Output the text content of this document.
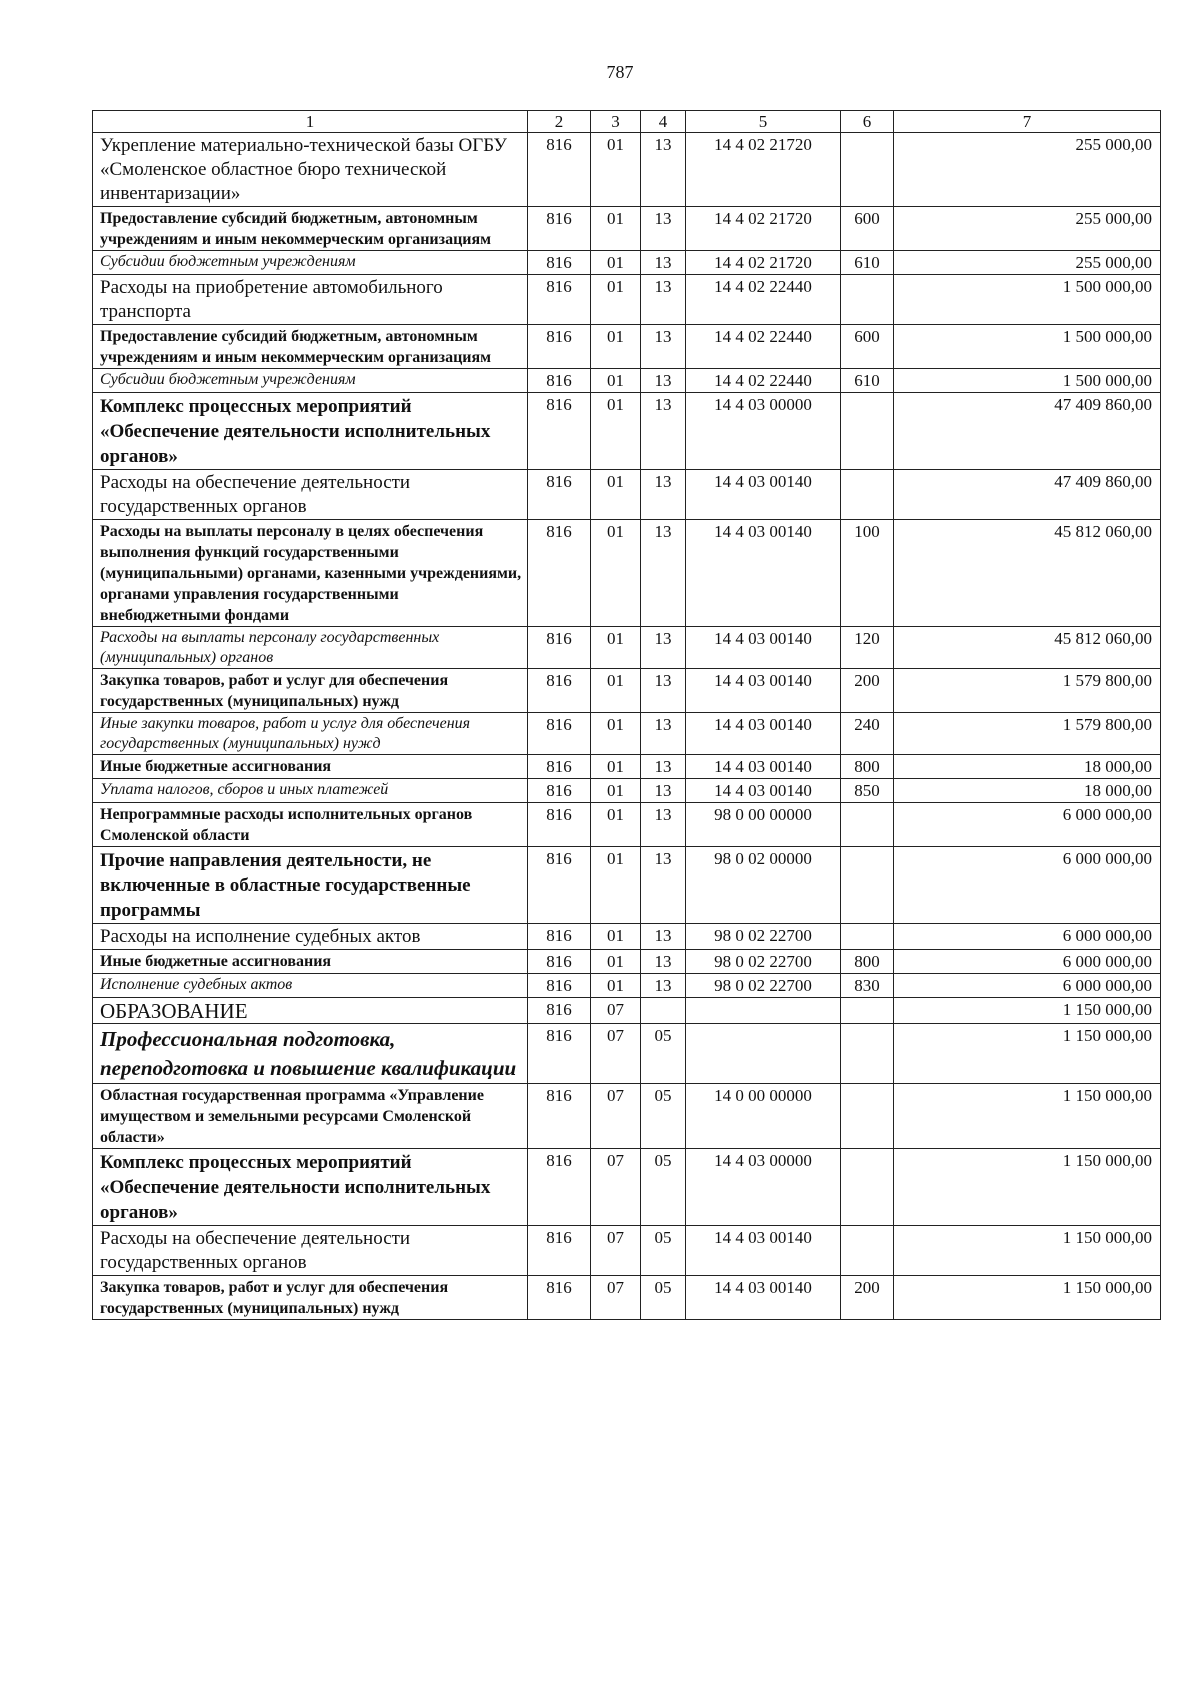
787
1	2	3	4	5	6	7
Укрепление материально-технической базы ОГБУ «Смоленское областное бюро технической инвентаризации»	816	01	13	14 4 02 21720		255 000,00
Предоставление субсидий бюджетным, автономным учреждениям и иным некоммерческим организациям	816	01	13	14 4 02 21720	600	255 000,00
Субсидии бюджетным учреждениям	816	01	13	14 4 02 21720	610	255 000,00
Расходы на приобретение автомобильного транспорта	816	01	13	14 4 02 22440		1 500 000,00
Предоставление субсидий бюджетным, автономным учреждениям и иным некоммерческим организациям	816	01	13	14 4 02 22440	600	1 500 000,00
Субсидии бюджетным учреждениям	816	01	13	14 4 02 22440	610	1 500 000,00
Комплекс процессных мероприятий «Обеспечение деятельности исполнительных органов»	816	01	13	14 4 03 00000		47 409 860,00
Расходы на обеспечение деятельности государственных органов	816	01	13	14 4 03 00140		47 409 860,00
Расходы на выплаты персоналу в целях обеспечения выполнения функций государственными (муниципальными) органами, казенными учреждениями, органами управления государственными внебюджетными фондами	816	01	13	14 4 03 00140	100	45 812 060,00
Расходы на выплаты персоналу государственных (муниципальных) органов	816	01	13	14 4 03 00140	120	45 812 060,00
Закупка товаров, работ и услуг для обеспечения государственных (муниципальных) нужд	816	01	13	14 4 03 00140	200	1 579 800,00
Иные закупки товаров, работ и услуг для обеспечения государственных (муниципальных) нужд	816	01	13	14 4 03 00140	240	1 579 800,00
Иные бюджетные ассигнования	816	01	13	14 4 03 00140	800	18 000,00
Уплата налогов, сборов и иных платежей	816	01	13	14 4 03 00140	850	18 000,00
Непрограммные расходы исполнительных органов Смоленской области	816	01	13	98 0 00 00000		6 000 000,00
Прочие направления деятельности, не включенные в областные государственные программы	816	01	13	98 0 02 00000		6 000 000,00
Расходы на исполнение судебных актов	816	01	13	98 0 02 22700		6 000 000,00
Иные бюджетные ассигнования	816	01	13	98 0 02 22700	800	6 000 000,00
Исполнение судебных актов	816	01	13	98 0 02 22700	830	6 000 000,00
ОБРАЗОВАНИЕ	816	07				1 150 000,00
Профессиональная подготовка, переподготовка и повышение квалификации	816	07	05			1 150 000,00
Областная государственная программа «Управление имуществом и земельными ресурсами Смоленской области»	816	07	05	14 0 00 00000		1 150 000,00
Комплекс процессных мероприятий «Обеспечение деятельности исполнительных органов»	816	07	05	14 4 03 00000		1 150 000,00
Расходы на обеспечение деятельности государственных органов	816	07	05	14 4 03 00140		1 150 000,00
Закупка товаров, работ и услуг для обеспечения государственных (муниципальных) нужд	816	07	05	14 4 03 00140	200	1 150 000,00
